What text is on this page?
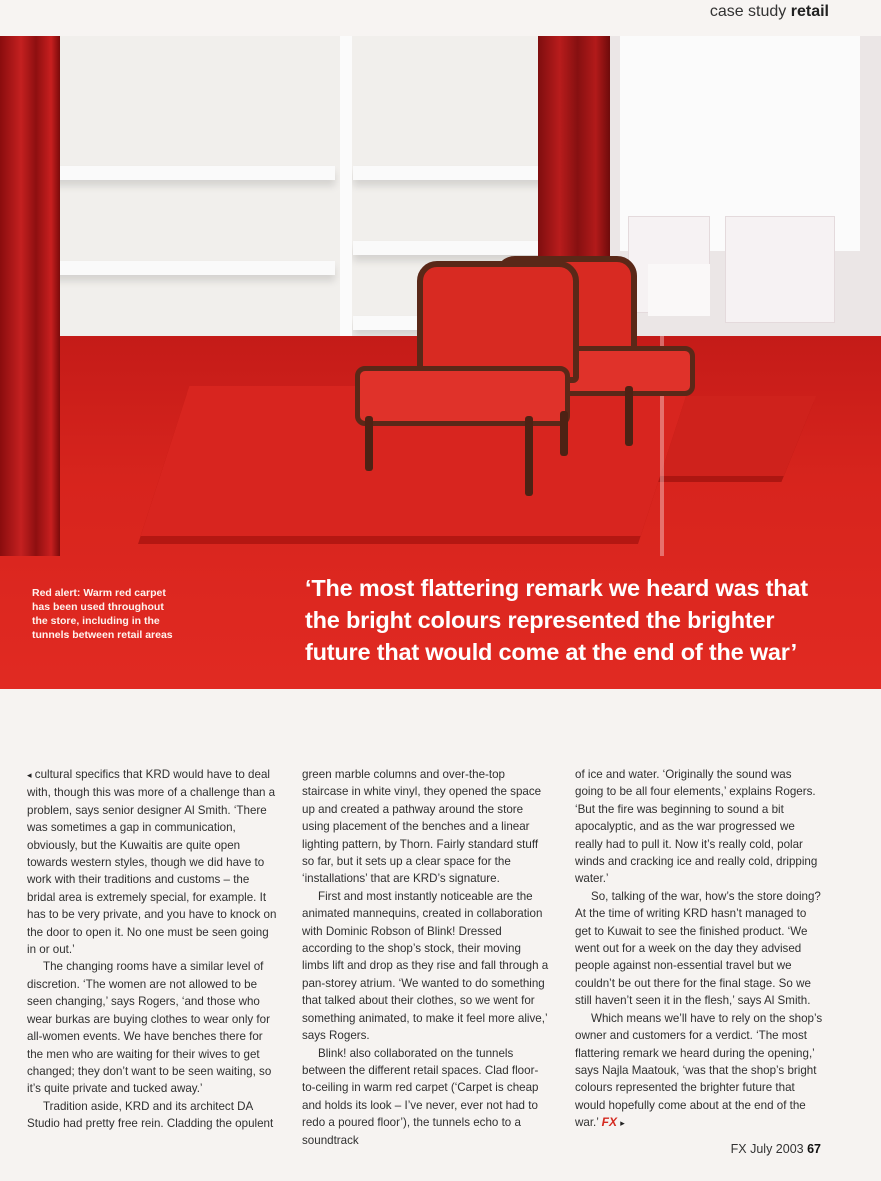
case study retail
Red alert: Warm red carpet has been used throughout the store, including in the tunnels between retail areas
‘The most flattering remark we heard was that the bright colours represented the brighter future that would come at the end of the war’

◂ cultural specifics that KRD would have to deal with, though this was more of a challenge than a problem, says senior designer Al Smith. ‘There was sometimes a gap in communication, obviously, but the Kuwaitis are quite open towards western styles, though we did have to work with their traditions and customs – the bridal area is extremely special, for example. It has to be very private, and you have to knock on the door to open it. No one must be seen going in or out.’

The changing rooms have a similar level of discretion. ‘The women are not allowed to be seen changing,’ says Rogers, ‘and those who wear burkas are buying clothes to wear only for all-women events. We have benches there for the men who are waiting for their wives to get changed; they don’t want to be seen waiting, so it’s quite private and tucked away.’

Tradition aside, KRD and its architect DA Studio had pretty free rein. Cladding the opulent

green marble columns and over-the-top staircase in white vinyl, they opened the space up and created a pathway around the store using placement of the benches and a linear lighting pattern, by Thorn. Fairly standard stuff so far, but it sets up a clear space for the ‘installations’ that are KRD’s signature.

First and most instantly noticeable are the animated mannequins, created in collaboration with Dominic Robson of Blink! Dressed according to the shop’s stock, their moving limbs lift and drop as they rise and fall through a pan-storey atrium. ‘We wanted to do something that talked about their clothes, so we went for something animated, to make it feel more alive,’ says Rogers.

Blink! also collaborated on the tunnels between the different retail spaces. Clad floor-to-ceiling in warm red carpet (‘Carpet is cheap and holds its look – I’ve never, ever not had to redo a poured floor’), the tunnels echo to a soundtrack

of ice and water. ‘Originally the sound was going to be all four elements,’ explains Rogers. ‘But the fire was beginning to sound a bit apocalyptic, and as the war progressed we really had to pull it. Now it’s really cold, polar winds and cracking ice and really cold, dripping water.’

So, talking of the war, how’s the store doing? At the time of writing KRD hasn’t managed to get to Kuwait to see the finished product. ‘We went out for a week on the day they advised people against non-essential travel but we couldn’t be out there for the final stage. So we still haven’t seen it in the flesh,’ says Al Smith.

Which means we’ll have to rely on the shop’s owner and customers for a verdict. ‘The most flattering remark we heard during the opening,’ says Najla Maatouk, ‘was that the shop’s bright colours represented the brighter future that would hopefully come about at the end of the war.’ FX ▸

FX July 2003 67
